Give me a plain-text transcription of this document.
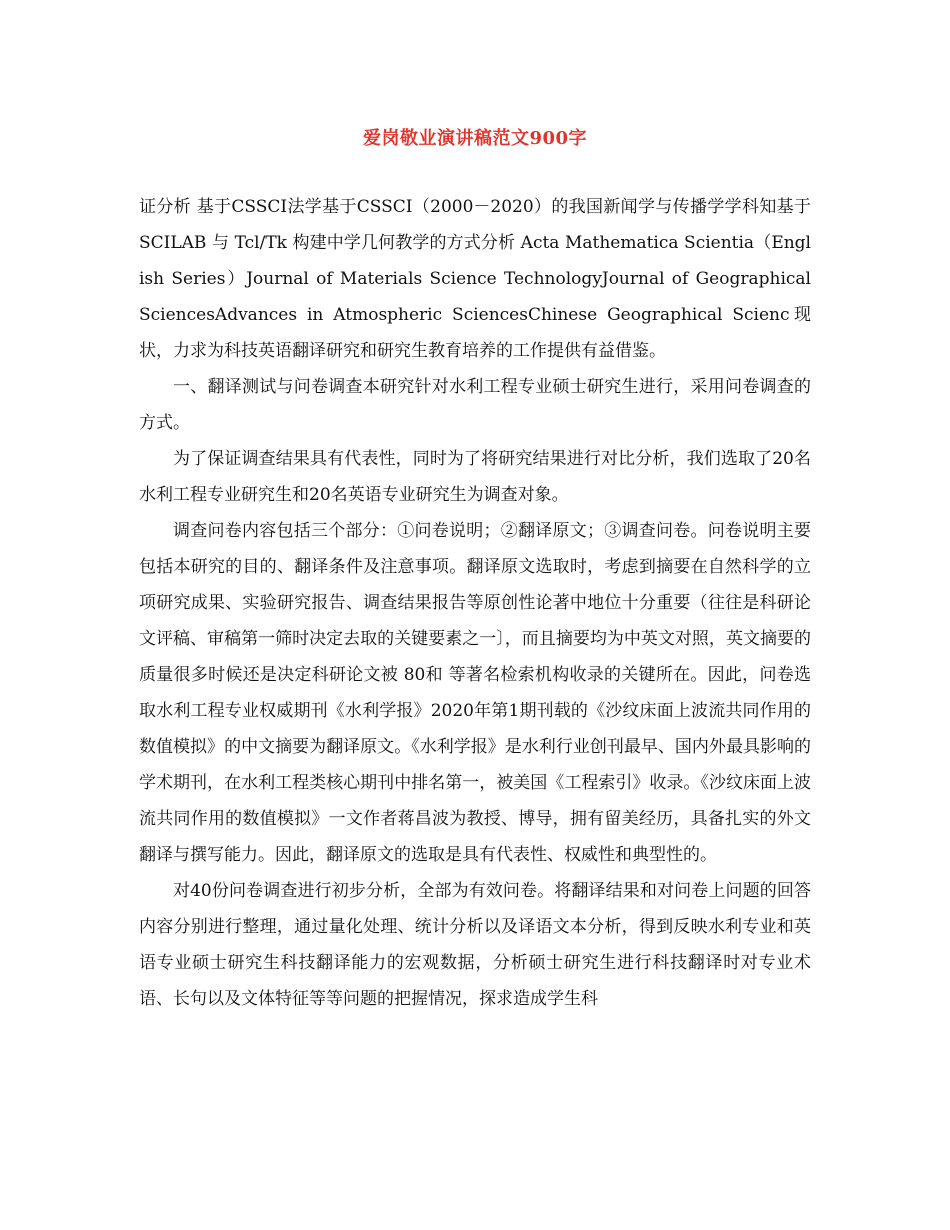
爱岗敬业演讲稿范文900字

证分析 基于CSSCI法学基于CSSCI（2000－2020）的我国新闻学与传播学学科知基于 SCILAB 与 Tcl/Tk 构建中学几何教学的方式分析 Acta Mathematica Scientia（English Series）Journal of Materials Science TechnologyJournal of Geographical SciencesAdvances in Atmospheric SciencesChinese Geographical Scienc现状，力求为科技英语翻译研究和研究生教育培养的工作提供有益借鉴。

一、翻译测试与问卷调查本研究针对水利工程专业硕士研究生进行，采用问卷调查的方式。

为了保证调查结果具有代表性，同时为了将研究结果进行对比分析，我们选取了20名水利工程专业研究生和20名英语专业研究生为调查对象。

调查问卷内容包括三个部分：①问卷说明；②翻译原文；③调查问卷。问卷说明主要包括本研究的目的、翻译条件及注意事项。翻译原文选取时，考虑到摘要在自然科学的立项研究成果、实验研究报告、调查结果报告等原创性论著中地位十分重要（往往是科研论文评稿、审稿第一筛时决定去取的关键要素之一〕，而且摘要均为中英文对照，英文摘要的质量很多时候还是决定科研论文被 80和 等著名检索机构收录的关键所在。因此，问卷选取水利工程专业权威期刊《水利学报》2020年第1期刊载的《沙纹床面上波流共同作用的数值模拟》的中文摘要为翻译原文。《水利学报》是水利行业创刊最早、国内外最具影响的学术期刊，在水利工程类核心期刊中排名第一，被美国《工程索引》收录。《沙纹床面上波流共同作用的数值模拟》一文作者蒋昌波为教授、博导，拥有留美经历，具备扎实的外文翻译与撰写能力。因此，翻译原文的选取是具有代表性、权威性和典型性的。

对40份问卷调查进行初步分析，全部为有效问卷。将翻译结果和对问卷上问题的回答内容分别进行整理，通过量化处理、统计分析以及译语文本分析，得到反映水利专业和英语专业硕士研究生科技翻译能力的宏观数据，分析硕士研究生进行科技翻译时对专业术语、长句以及文体特征等等问题的把握情况，探求造成学生科
